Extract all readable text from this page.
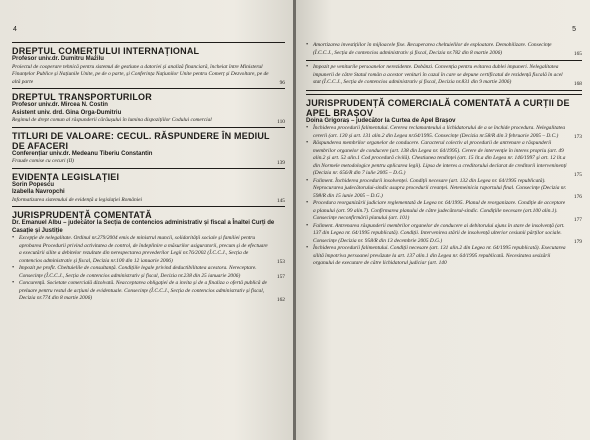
4
DREPTUL COMERȚULUI INTERNAȚIONAL
Profesor univ.dr. Dumitru Mazilu
Proiectul de cooperare tehnică pentru sistemul de gestiune a datoriei și analiză financiară, încheiat între Ministerul Finanțelor Publice și Națiunile Unite, pe de o parte, și Conferința Națiunilor Unite pentru Comerț și Dezvoltare, pe de altă parte	96
DREPTUL TRANSPORTURILOR
Profesor univ.dr. Mircea N. Costin
Asistent univ. drd. Gina Orga-Dumitriu
Regimul de drept comun al răspunderii cărăușului în lumina dispozițiilor Codului comercial	110
TITLURI DE VALOARE: CECUL. RĂSPUNDERE ÎN MEDIUL DE AFACERI
Conferențiar univ.dr. Medeanu Tiberiu Constantin
Fraude comise cu cecuri (II)	139
EVIDENȚA LEGISLAȚIEI
Sorin Popescu
Izabella Navropchi
Informatizarea sistemului de evidență a legislației României	145
JURISPRUDENȚĂ COMENTATĂ
Dr. Emanuel Albu – judecător la Secția de contencios administrativ și fiscal a Înaltei Curți de Casație și Justiție
• Excepție de nelegalitate. Ordinul nr.279/2004 emis de ministrul muncii, solidarității sociale și familiei pentru aprobarea Procedurii privind activitatea de control, de îndeplinire a măsurilor asiguratorii, precum și de efectuare a executării silite a debitelor rezultate din nerespectarea prevederilor Legii nr.76/2002 (Î.C.C.J., Secția de contencios administrativ și fiscal, Decizia nr.100 din 12 ianuarie 2006)	153
• Impozit pe profit. Cheltuielile de consultanță. Condițiile legale privind deductibilitatea acestora. Nereceptare. Consecințe (Î.C.C.J., Secția de contencios administrativ și fiscal, Decizia nr.238 din 25 ianuarie 2006)	157
• Concurență. Societate comercială dizolvată. Neacceptarea obligației de a invita și de a finaliza o ofertă publică de preluare pentru restul de acțiuni de evidentuale. Consecințe (Î.C.C.J., Secția de contencios administrativ și fiscal, Decizia nr.774 din 8 martie 2006)	162
5
• Amortizarea investițiilor în mijloacele fixe. Recuperarea cheltuielilor de exploatare. Demobilizare. Consecințe (Î.C.C.J., Secția de contencios administrativ și fiscal, Decizia nr.782 din 8 martie 2006)	165
• Impozit pe veniturile persoanelor nerezidente. Dobânzi. Convenția pentru evitarea dublei impuneri. Nelegalitatea impunerii de către Statul român a acestor venituri în cazul în care se depune certificatul de rezidență fiscală în acel stat (Î.C.C.J., Secția de contencios administrativ și fiscal, Decizia nr.831 din 9 martie 2006)	168
JURISPRUDENȚĂ COMERCIALĂ COMENTATĂ A CURȚII DE APEL BRAȘOV
Doina Grigoraș – judecător la Curtea de Apel Brașov
• Închiderea procedurii falimentului. Cererea reclamanteului a lichidatorului de a se închide procedura. Nelegalitatea cererii (art. 130 și art. 131 alin.2 din Legea nr.64/1995. Consecințe (Decizia nr.58/R din 3 februarie 2005 – D.C.)	173
• Răspunderea membrilor organelor de conducere. Caracterul colectiv al procedurii de antrenare a răspunderii membrilor organelor de conducere (art. 138 din Legea nr. 64/1995). Cerere de intervenție în interes propriu (art. 49 alin.2 și art. 52 alin.1 Cod procedură civilă). Chestiunea tendinței (art. 15 lit.a din Legea nr. 146/1997 și art. 12 lit.a din Normele metodologice pentru aplicarea legii). Lipsa de interes a creditorului declarat de creditorii interveninenți (Decizia nr. 656/R din 7 iulie 2005 – D.G.)	175
• Faliment. Închiderea procedurii insolvenței. Condiții necesare (art. 132 din Legea nr. 64/1995 republicată). Neprocurarea judecătorului-sindic asupra procedurii creanței. Netemeinicia raportului final. Consecințe (Decizia nr. 598/R din 15 iunie 2005 – D.G.)	176
• Procedura reorganizării judiciare reglementată de Legea nr. 64/1995. Planul de reorganizare. Condiție de acceptare a planului (art. 99 alin.7). Confirmarea planului de către judecătorul-sindic. Condițiile necesare (art.100 alin.1). Consecințe neconfirmării planului (art. 101)	177
• Faliment. Antrenarea răspunderii membrilor organelor de conducere ai debitorului ajuns în stare de insolvență (art. 137 din Legea nr. 64/1995 republicată). Condiții. Intervenirea stării de insolvență ulterior cesiunii părților sociale. Consecințe (Decizia nr. 958/R din 13 decembrie 2005 D.G.)	179
• Închiderea procedurii falimentului. Condiții necesare (art. 131 alin.2 din Legea nr. 64/1995 republicată). Executarea silită împotriva persoanei prevăzute la art. 137 alin.1 din Legea nr. 64/1995 republicată. Necesitatea sesizării organului de executare de către lichidatorul judiciar (art. 140
